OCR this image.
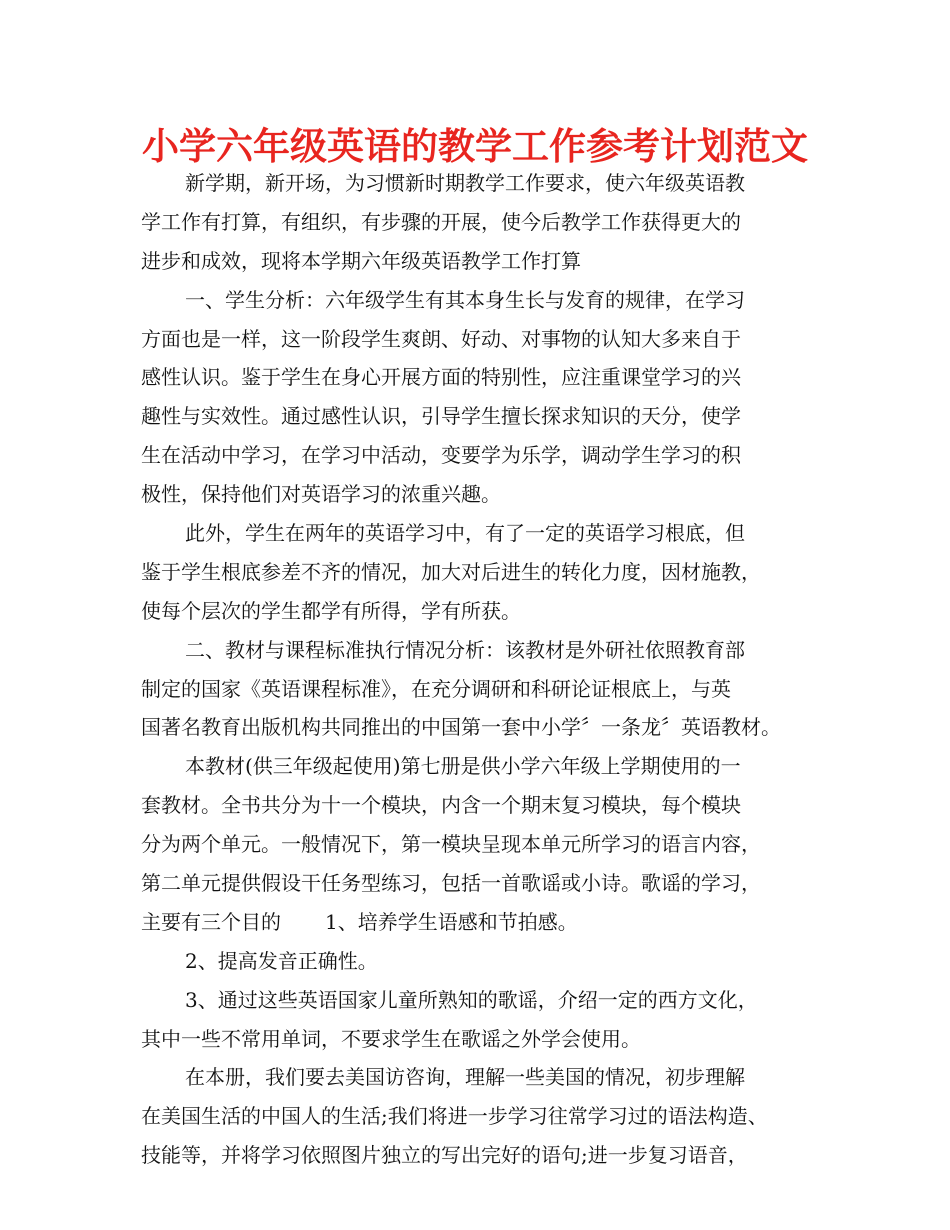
小学六年级英语的教学工作参考计划范文
新学期，新开场，为习惯新时期教学工作要求，使六年级英语教
学工作有打算，有组织，有步骤的开展，使今后教学工作获得更大的
进步和成效，现将本学期六年级英语教学工作打算
一、学生分析：六年级学生有其本身生长与发育的规律，在学习
方面也是一样，这一阶段学生爽朗、好动、对事物的认知大多来自于
感性认识。鉴于学生在身心开展方面的特别性，应注重课堂学习的兴
趣性与实效性。通过感性认识，引导学生擅长探求知识的天分，使学
生在活动中学习，在学习中活动，变要学为乐学，调动学生学习的积
极性，保持他们对英语学习的浓重兴趣。
此外，学生在两年的英语学习中，有了一定的英语学习根底，但
鉴于学生根底参差不齐的情况，加大对后进生的转化力度，因材施教，
使每个层次的学生都学有所得，学有所获。
二、教材与课程标准执行情况分析：该教材是外研社依照教育部
制定的国家《英语课程标准》，在充分调研和科研论证根底上，与英
国著名教育出版机构共同推出的中国第一套中小学〞一条龙〞英语教材。
本教材(供三年级起使用)第七册是供小学六年级上学期使用的一
套教材。全书共分为十一个模块，内含一个期末复习模块，每个模块
分为两个单元。一般情况下，第一模块呈现本单元所学习的语言内容，
第二单元提供假设干任务型练习，包括一首歌谣或小诗。歌谣的学习，
主要有三个目的 1、培养学生语感和节拍感。
2、提高发音正确性。
3、通过这些英语国家儿童所熟知的歌谣，介绍一定的西方文化，
其中一些不常用单词，不要求学生在歌谣之外学会使用。
在本册，我们要去美国访咨询，理解一些美国的情况，初步理解
在美国生活的中国人的生活;我们将进一步学习往常学习过的语法构造、
技能等，并将学习依照图片独立的写出完好的语句;进一步复习语音，
